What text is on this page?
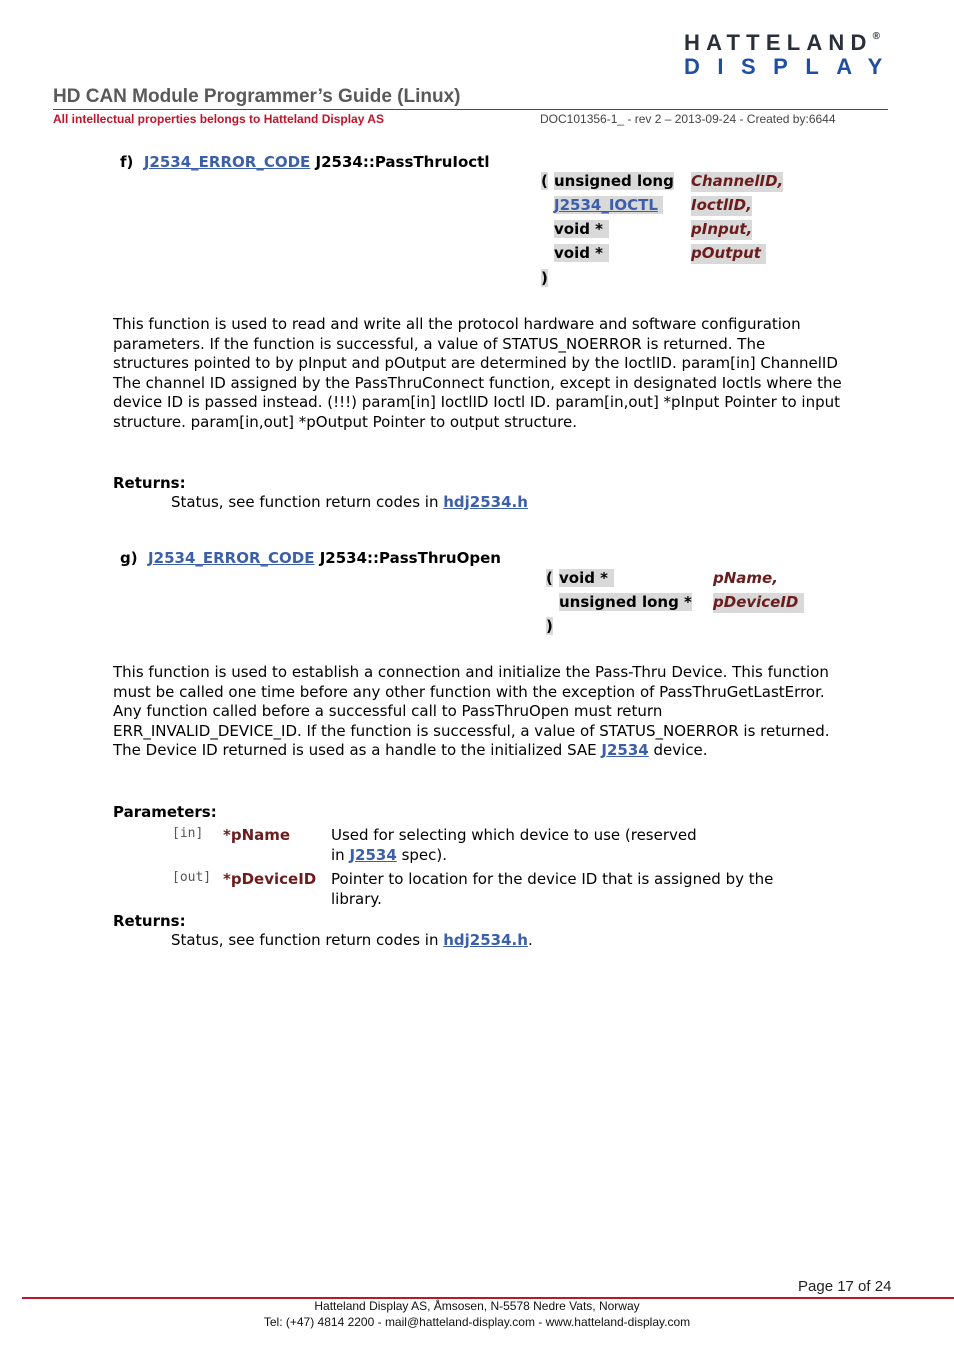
HATTELAND®
DISPLAY
HD CAN Module Programmer’s Guide (Linux)
All intellectual properties belongs to Hatteland Display AS	DOC101356-1_ - rev 2 – 2013-09-24 - Created by:6644
f) J2534_ERROR_CODE J2534::PassThruIoctl
( unsigned long ChannelID,
J2534_IOCTL	IoctlID,
void *	pInput,
void *	pOutput
)
This function is used to read and write all the protocol hardware and software configuration parameters. If the function is successful, a value of STATUS_NOERROR is returned. The structures pointed to by pInput and pOutput are determined by the IoctlID. param[in] ChannelID The channel ID assigned by the PassThruConnect function, except in designated Ioctls where the device ID is passed instead. (!!!) param[in] IoctlID Ioctl ID. param[in,out] *pInput Pointer to input structure. param[in,out] *pOutput Pointer to output structure.
Returns:
Status, see function return codes in hdj2534.h
g) J2534_ERROR_CODE J2534::PassThruOpen
( void *	pName,
unsigned long * pDeviceID
)
This function is used to establish a connection and initialize the Pass-Thru Device. This function must be called one time before any other function with the exception of PassThruGetLastError. Any function called before a successful call to PassThruOpen must return ERR_INVALID_DEVICE_ID. If the function is successful, a value of STATUS_NOERROR is returned. The Device ID returned is used as a handle to the initialized SAE J2534 device.
Parameters:
[in] *pName	Used for selecting which device to use (reserved
in J2534 spec).
[out] *pDeviceID Pointer to location for the device ID that is assigned by the
library.
Returns:
Status, see function return codes in hdj2534.h.
Page 17 of 24
Hatteland Display AS, Åmsosen, N-5578 Nedre Vats, Norway
Tel: (+47) 4814 2200 - mail@hatteland-display.com - www.hatteland-display.com
